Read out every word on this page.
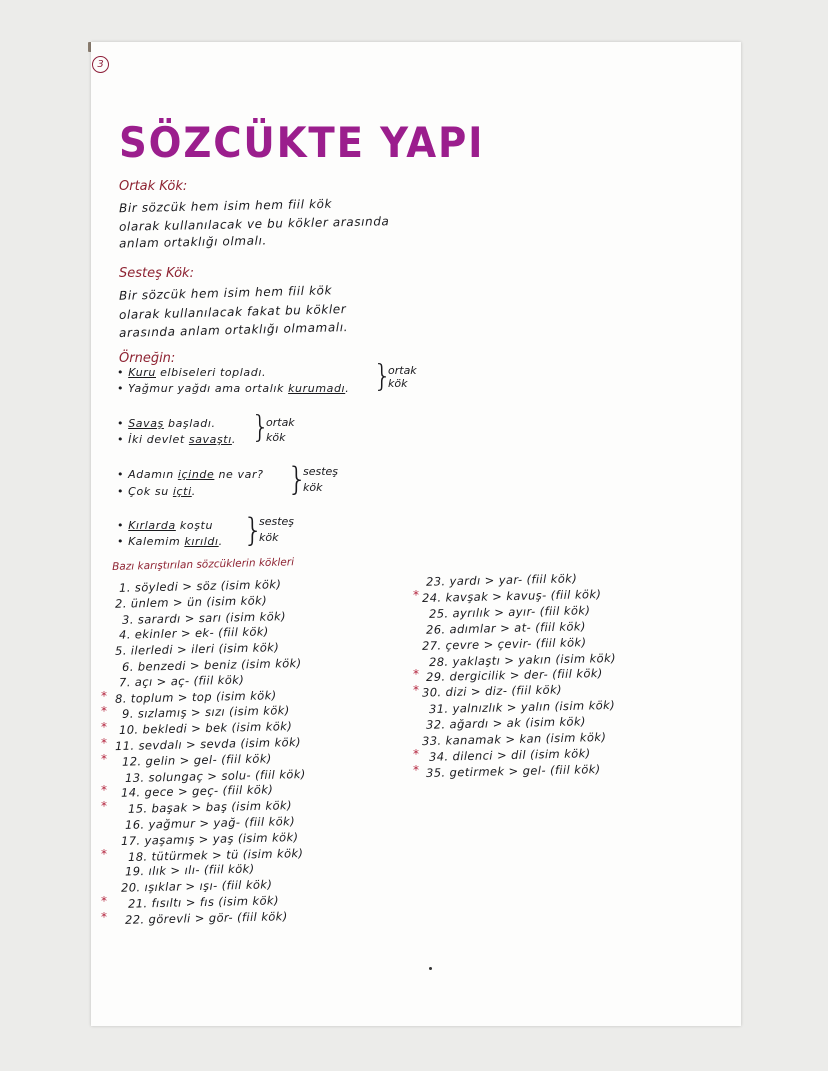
3
SÖZCÜKTE YAPI
Ortak Kök:
Bir sözcük hem isim hem fiil kök
olarak kullanılacak ve bu kökler arasında
anlam ortaklığı olmalı.
Sesteş Kök:
Bir sözcük hem isim hem fiil kök
olarak kullanılacak fakat bu kökler
arasında anlam ortaklığı olmamalı.
Örneğin:
• Kuru elbiseleri topladı.
• Yağmur yağdı ama ortalık kurumadı. }
ortak
kök
• Savaş başladı.
• İki devlet savaştı. }
ortak
kök
• Adamın içinde ne var?
• Çok su içti.	}
sesteş
kök
• Kırlarda koştu
• Kalemim kırıldı. }
sesteş
kök
Bazı karıştırılan sözcüklerin kökleri
1. söyledi > söz (isim kök)
2. ünlem > ün (isim kök)
3. sarardı > sarı (isim kök)
4. ekinler > ek- (fiil kök)
5. ilerledi > ileri (isim kök)
6. benzedi > beniz (isim kök)
7. açı > aç- (fiil kök)
8. toplum > top (isim kök)
*
9. sızlamış > sızı (isim kök)
*
10. bekledi > bek (isim kök)
*
11. sevdalı > sevda (isim kök)
*
12. gelin > gel- (fiil kök)
*
13. solungaç > solu- (fiil kök)
14. gece > geç- (fiil kök)
*
15. başak > baş (isim kök)
*
16. yağmur > yağ- (fiil kök)
17. yaşamış > yaş (isim kök)
18. tütürmek > tü (isim kök)
*
19. ılık > ılı- (fiil kök)
20. ışıklar > ışı- (fiil kök)
21. fısıltı > fıs (isim kök)
*
22. görevli > gör- (fiil kök)
*
23. yardı > yar- (fiil kök)
24. kavşak > kavuş- (fiil kök)
*
25. ayrılık > ayır- (fiil kök)
26. adımlar > at- (fiil kök)
27. çevre > çevir- (fiil kök)
28. yaklaştı > yakın (isim kök)
29. dergicilik > der- (fiil kök)
*
30. dizi > diz- (fiil kök)
*
31. yalnızlık > yalın (isim kök)
32. ağardı > ak (isim kök)
33. kanamak > kan (isim kök)
34. dilenci > dil (isim kök)
*
35. getirmek > gel- (fiil kök)
*
